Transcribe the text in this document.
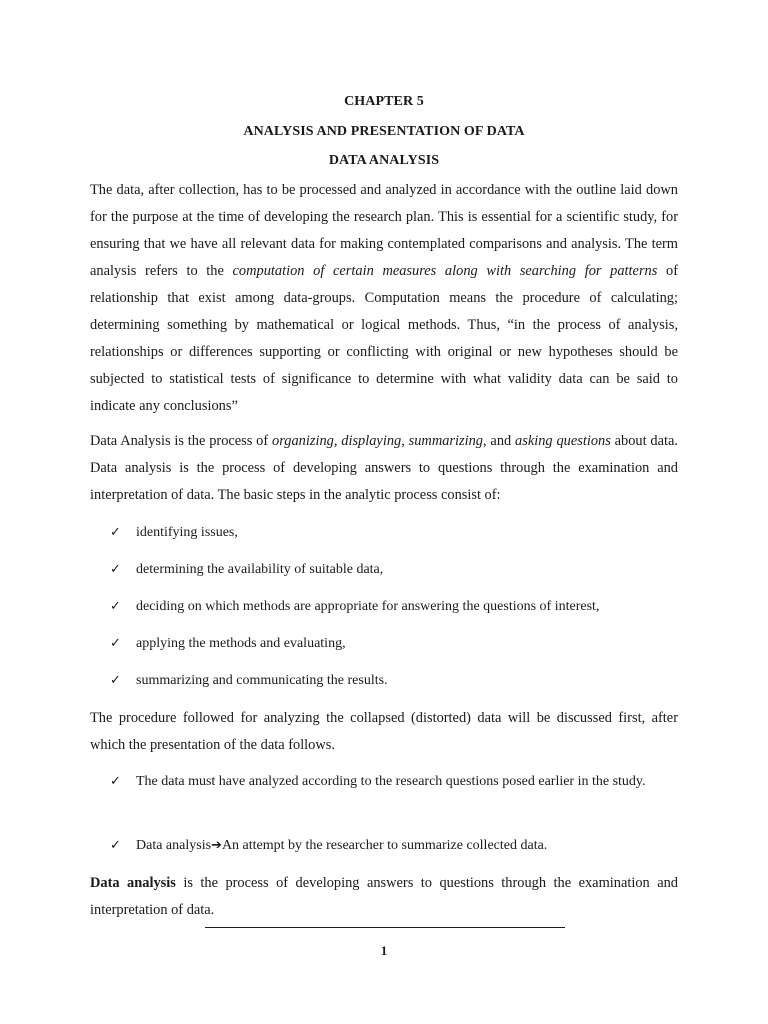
CHAPTER 5
ANALYSIS AND PRESENTATION OF DATA
DATA ANALYSIS

The data, after collection, has to be processed and analyzed in accordance with the outline laid down for the purpose at the time of developing the research plan. This is essential for a scientific study, for ensuring that we have all relevant data for making contemplated comparisons and analysis. The term analysis refers to the computation of certain measures along with searching for patterns of relationship that exist among data-groups. Computation means the procedure of calculating; determining something by mathematical or logical methods. Thus, “in the process of analysis, relationships or differences supporting or conflicting with original or new hypotheses should be subjected to statistical tests of significance to determine with what validity data can be said to indicate any conclusions”

Data Analysis is the process of organizing, displaying, summarizing, and asking questions about data. Data analysis is the process of developing answers to questions through the examination and interpretation of data. The basic steps in the analytic process consist of:

✓	identifying issues,
✓	determining the availability of suitable data,
✓	deciding on which methods are appropriate for answering the questions of interest,
✓	applying the methods and evaluating,
✓	summarizing and communicating the results.

The procedure followed for analyzing the collapsed (distorted) data will be discussed first, after which the presentation of the data follows.

✓	The data must have analyzed according to the research questions posed earlier in the study.
✓	Data analysis➔An attempt by the researcher to summarize collected data.

Data analysis is the process of developing answers to questions through the examination and interpretation of data.

1
